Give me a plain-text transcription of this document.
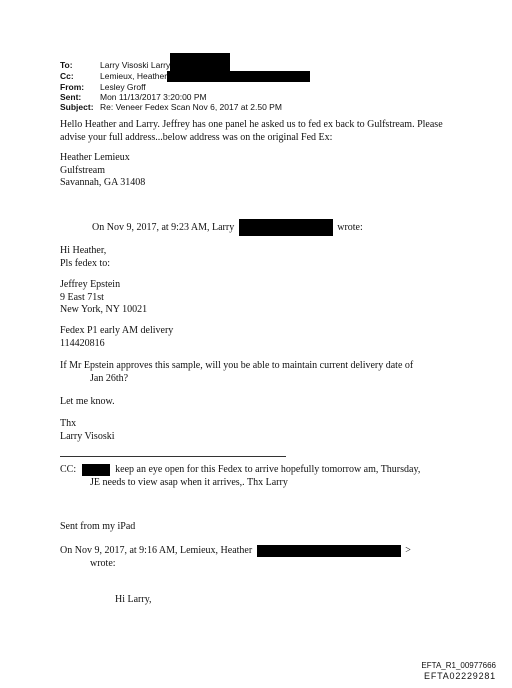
To:	Larry Visoski Larry
Cc:	Lemieux, Heather
From:	Lesley Groff
Sent:	Mon 11/13/2017 3:20:00 PM
Subject: Re: Veneer Fedex Scan Nov 6, 2017 at 2.50 PM
Hello Heather and Larry. Jeffrey has one panel he asked us to fed ex back to Gulfstream. Please
advise your full address...below address was on the original Fed Ex:
Heather Lemieux
Gulfstream
Savannah, GA 31408
On Nov 9, 2017, at 9:23 AM, Larry	wrote:
Hi Heather,
Pls fedex to:
Jeffrey Epstein
9 East 71st
New York, NY 10021
Fedex P1 early AM delivery
114420816
If Mr Epstein approves this sample, will you be able to maintain current delivery date of
Jan 26th?
Let me know.
Thx
Larry Visoski
CC:	keep an eye open for this Fedex to arrive hopefully tomorrow am, Thursday,
JE needs to view asap when it arrives,. Thx Larry
Sent from my iPad
On Nov 9, 2017, at 9:16 AM, Lemieux, Heather	>
wrote:
Hi Larry,
EFTA_R1_00977666
EFTA02229281
